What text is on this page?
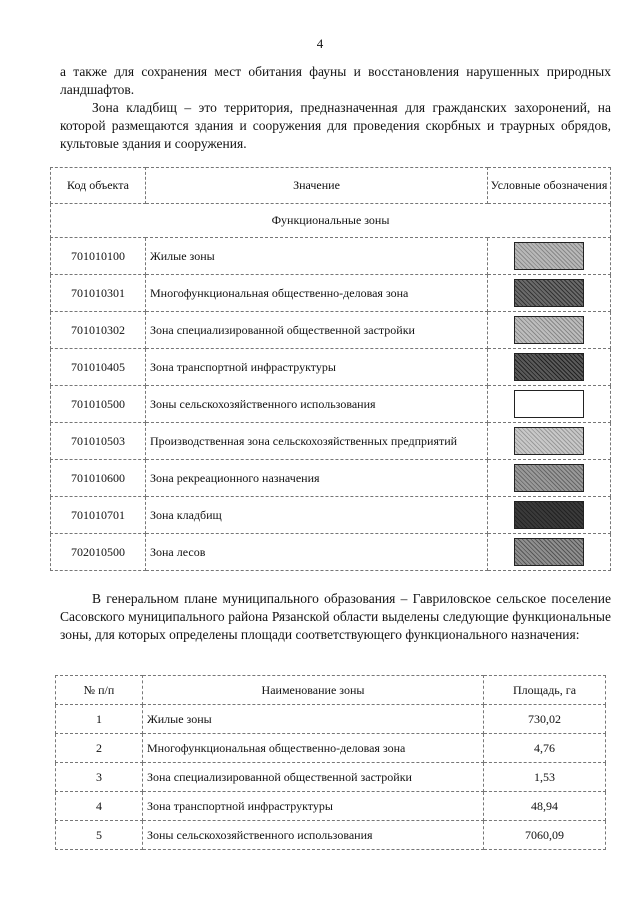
4
а также для сохранения мест обитания фауны и восстановления нарушенных природных ландшафтов.
Зона кладбищ – это территория, предназначенная для гражданских захоронений, на которой размещаются здания и сооружения для проведения скорбных и траурных обрядов, культовые здания и сооружения.
Код объекта	Значение	Условные обозначения
Функциональные зоны		
701010100	Жилые зоны	
701010301	Многофункциональная общественно-деловая зона	
701010302	Зона специализированной общественной застройки	
701010405	Зона транспортной инфраструктуры	
701010500	Зоны сельскохозяйственного использования	
701010503	Производственная зона сельскохозяйственных предприятий	
701010600	Зона рекреационного назначения	
701010701	Зона кладбищ	
702010500	Зона лесов	
В генеральном плане муниципального образования – Гавриловское сельское поселение Сасовского муниципального района Рязанской области выделены следующие функциональные зоны, для которых определены площади соответствующего функционального назначения:
№ п/п	Наименование зоны	Площадь, га
1	Жилые зоны	730,02
2	Многофункциональная общественно-деловая зона	4,76
3	Зона специализированной общественной застройки	1,53
4	Зона транспортной инфраструктуры	48,94
5	Зоны сельскохозяйственного использования	7060,09
